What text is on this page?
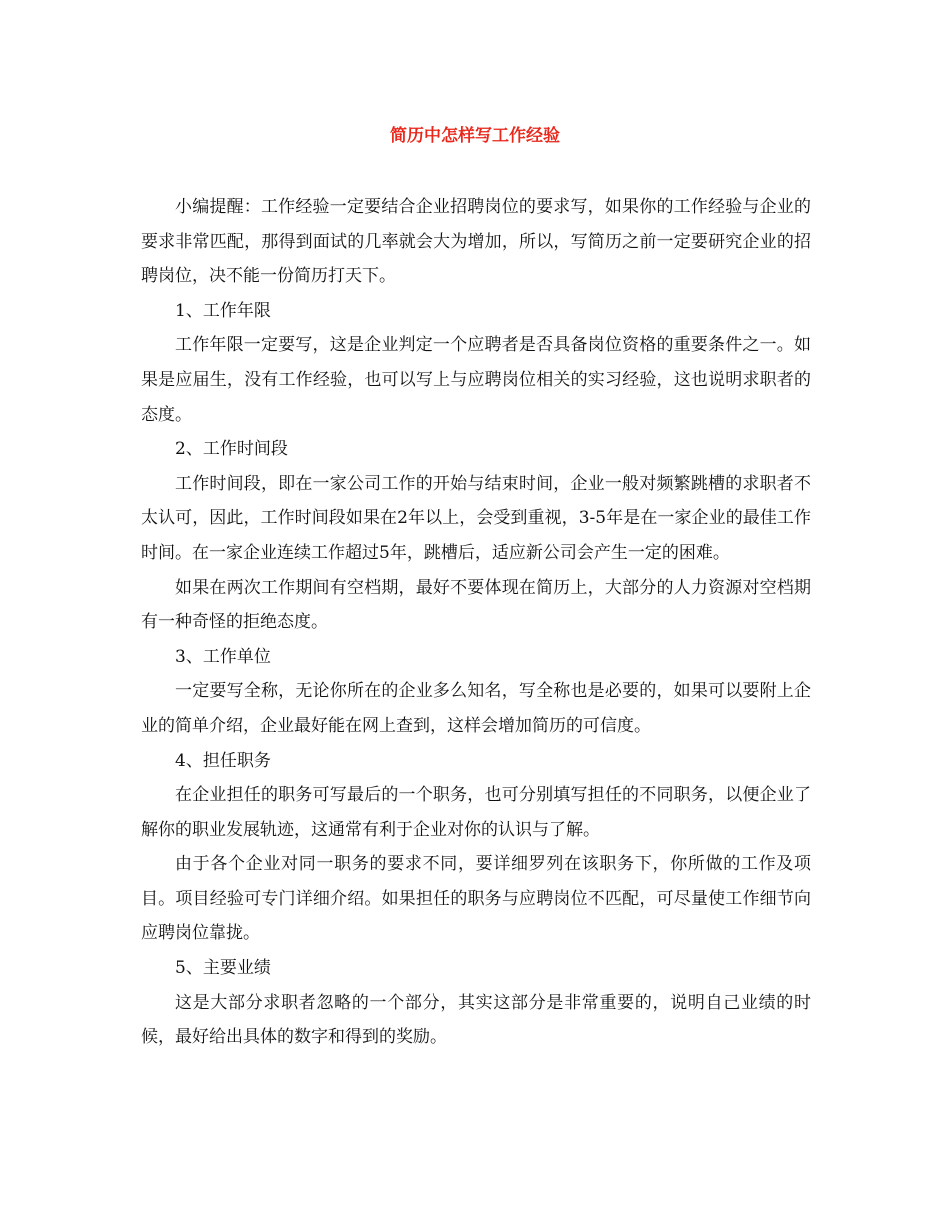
简历中怎样写工作经验

小编提醒：工作经验一定要结合企业招聘岗位的要求写，如果你的工作经验与企业的要求非常匹配，那得到面试的几率就会大为增加，所以，写简历之前一定要研究企业的招聘岗位，决不能一份简历打天下。

1、工作年限

工作年限一定要写，这是企业判定一个应聘者是否具备岗位资格的重要条件之一。如果是应届生，没有工作经验，也可以写上与应聘岗位相关的实习经验，这也说明求职者的态度。

2、工作时间段

工作时间段，即在一家公司工作的开始与结束时间，企业一般对频繁跳槽的求职者不太认可，因此，工作时间段如果在2年以上，会受到重视，3-5年是在一家企业的最佳工作时间。在一家企业连续工作超过5年，跳槽后，适应新公司会产生一定的困难。

如果在两次工作期间有空档期，最好不要体现在简历上，大部分的人力资源对空档期有一种奇怪的拒绝态度。

3、工作单位

一定要写全称，无论你所在的企业多么知名，写全称也是必要的，如果可以要附上企业的简单介绍，企业最好能在网上查到，这样会增加简历的可信度。

4、担任职务

在企业担任的职务可写最后的一个职务，也可分别填写担任的不同职务，以便企业了解你的职业发展轨迹，这通常有利于企业对你的认识与了解。

由于各个企业对同一职务的要求不同，要详细罗列在该职务下，你所做的工作及项目。项目经验可专门详细介绍。如果担任的职务与应聘岗位不匹配，可尽量使工作细节向应聘岗位靠拢。

5、主要业绩

这是大部分求职者忽略的一个部分，其实这部分是非常重要的，说明自己业绩的时候，最好给出具体的数字和得到的奖励。
